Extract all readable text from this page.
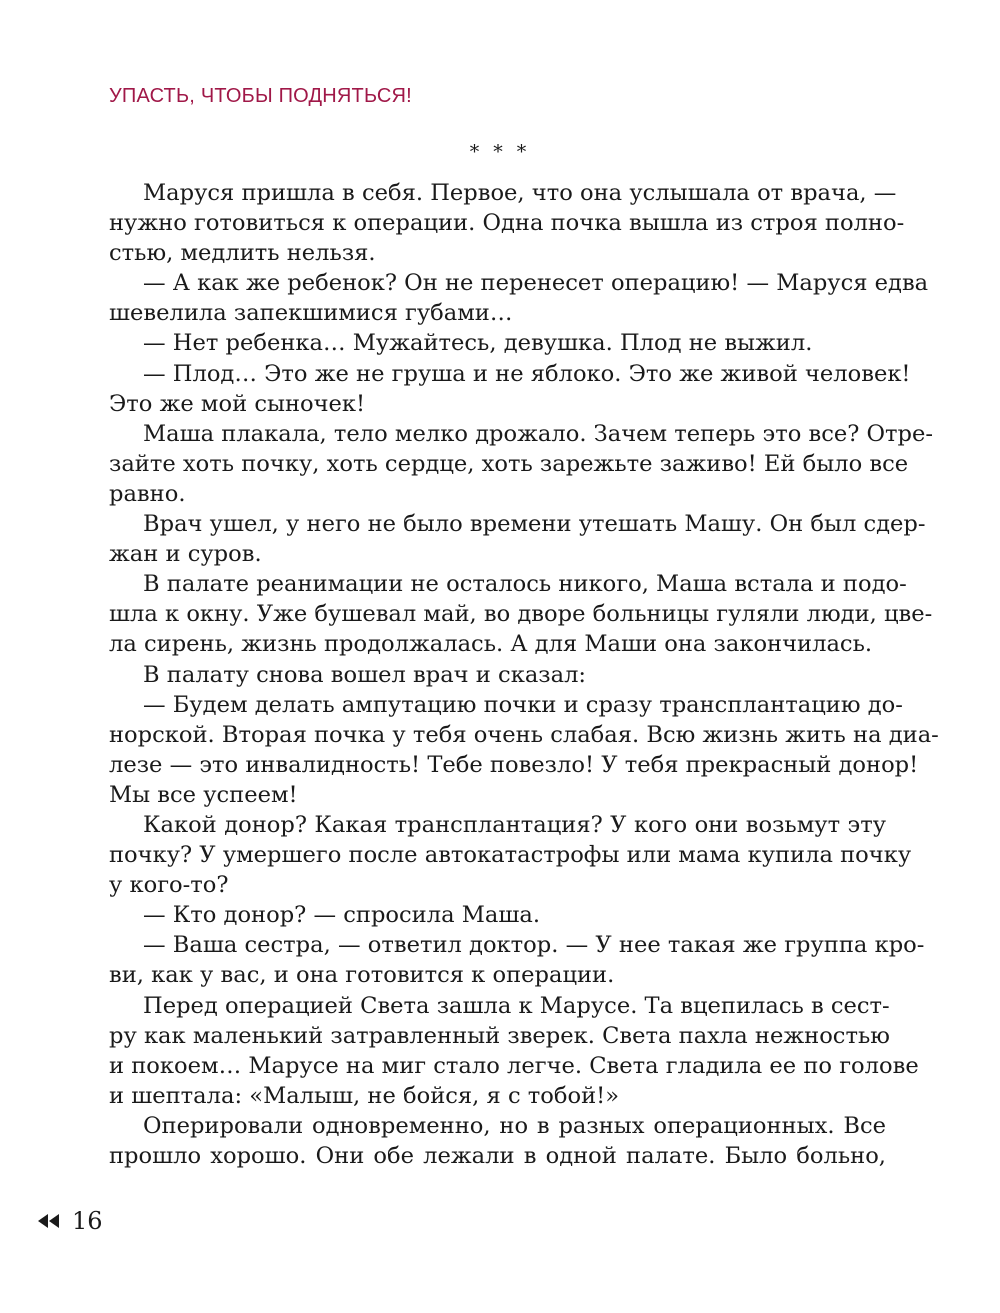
УПАСТЬ, ЧТОБЫ ПОДНЯТЬСЯ!
* * *
Маруся пришла в себя. Первое, что она услышала от врача, —
нужно готовиться к операции. Одна почка вышла из строя полно-
стью, медлить нельзя.
— А как же ребенок? Он не перенесет операцию! — Маруся едва
шевелила запекшимися губами…
— Нет ребенка… Мужайтесь, девушка. Плод не выжил.
— Плод… Это же не груша и не яблоко. Это же живой человек!
Это же мой сыночек!
Маша плакала, тело мелко дрожало. Зачем теперь это все? Отре-
зайте хоть почку, хоть сердце, хоть зарежьте заживо! Ей было все
равно.
Врач ушел, у него не было времени утешать Машу. Он был сдер-
жан и суров.
В палате реанимации не осталось никого, Маша встала и подо-
шла к окну. Уже бушевал май, во дворе больницы гуляли люди, цве-
ла сирень, жизнь продолжалась. А для Маши она закончилась.
В палату снова вошел врач и сказал:
— Будем делать ампутацию почки и сразу трансплантацию до-
норской. Вторая почка у тебя очень слабая. Всю жизнь жить на диа-
лезе — это инвалидность! Тебе повезло! У тебя прекрасный донор!
Мы все успеем!
Какой донор? Какая трансплантация? У кого они возьмут эту
почку? У умершего после автокатастрофы или мама купила почку
у кого-то?
— Кто донор? — спросила Маша.
— Ваша сестра, — ответил доктор. — У нее такая же группа кро-
ви, как у вас, и она готовится к операции.
Перед операцией Света зашла к Марусе. Та вцепилась в сест-
ру как маленький затравленный зверек. Света пахла нежностью
и покоем… Марусе на миг стало легче. Света гладила ее по голове
и шептала: «Малыш, не бойся, я с тобой!»
Оперировали одновременно, но в разных операционных. Все
прошло хорошо. Они обе лежали в одной палате. Было больно,
16
